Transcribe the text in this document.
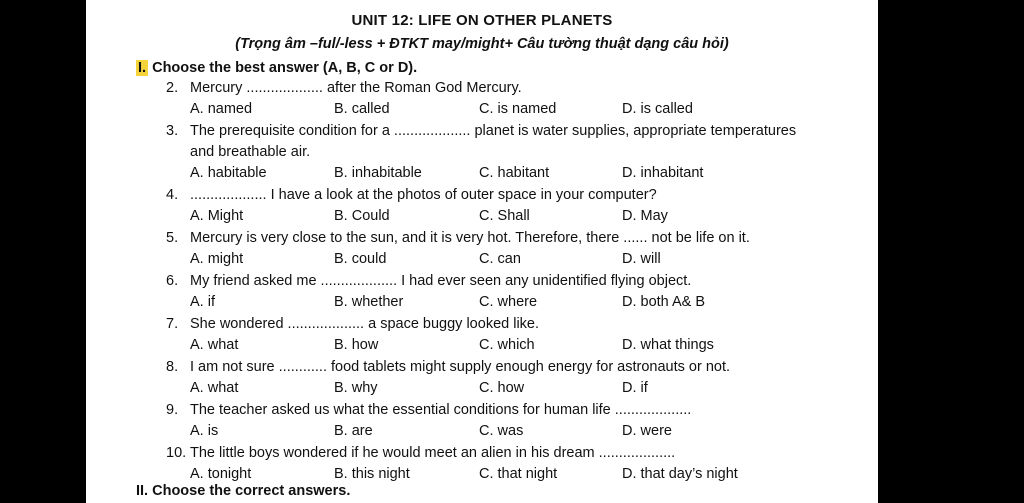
UNIT 12: LIFE ON OTHER PLANETS
(Trọng âm –ful/-less + ĐTKT may/might+ Câu tường thuật dạng câu hỏi)
I. Choose the best answer (A, B, C or D).
2. Mercury ................... after the Roman God Mercury.
A. named	B. called	C. is named	D. is called
3. The prerequisite condition for a ................... planet is water supplies, appropriate temperatures
and breathable air.
A. habitable	B. inhabitable	C. habitant	D. inhabitant
4. ................... I have a look at the photos of outer space in your computer?
A. Might	B. Could	C. Shall	D. May
5. Mercury is very close to the sun, and it is very hot. Therefore, there ...... not be life on it.
A. might	B. could	C. can	D. will
6. My friend asked me ................... I had ever seen any unidentified flying object.
A. if	B. whether	C. where	D. both A& B
7. She wondered ................... a space buggy looked like.
A. what	B. how	C. which	D. what things
8. I am not sure ............ food tablets might supply enough energy for astronauts or not.
A. what	B. why	C. how	D. if
9. The teacher asked us what the essential conditions for human life ...................
A. is	B. are	C. was	D. were
10. The little boys wondered if he would meet an alien in his dream ...................
A. tonight	B. this night	C. that night	D. that day’s night
II. Choose the correct answers.
